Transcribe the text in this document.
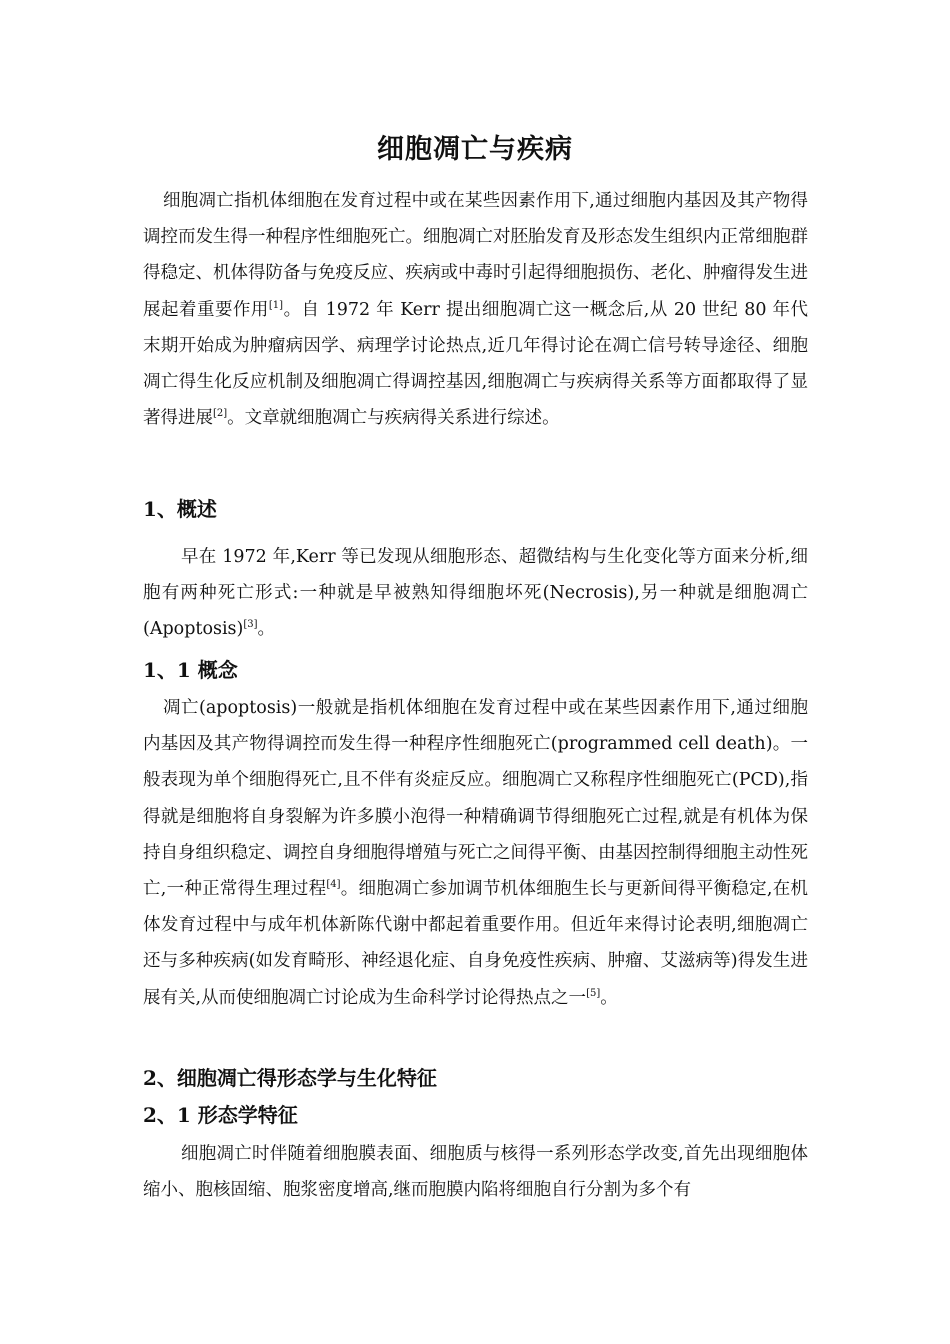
细胞凋亡与疾病
细胞凋亡指机体细胞在发育过程中或在某些因素作用下,通过细胞内基因及其产物得调控而发生得一种程序性细胞死亡。细胞凋亡对胚胎发育及形态发生组织内正常细胞群得稳定、机体得防备与免疫反应、疾病或中毒时引起得细胞损伤、老化、肿瘤得发生进展起着重要作用[1]。自 1972 年 Kerr 提出细胞凋亡这一概念后,从 20 世纪 80 年代末期开始成为肿瘤病因学、病理学讨论热点,近几年得讨论在凋亡信号转导途径、细胞凋亡得生化反应机制及细胞凋亡得调控基因,细胞凋亡与疾病得关系等方面都取得了显著得进展[2]。文章就细胞凋亡与疾病得关系进行综述。
1、概述
早在 1972 年,Kerr 等已发现从细胞形态、超微结构与生化变化等方面来分析,细胞有两种死亡形式:一种就是早被熟知得细胞坏死(Necrosis),另一种就是细胞凋亡(Apoptosis)[3]。
1、1 概念
凋亡(apoptosis)一般就是指机体细胞在发育过程中或在某些因素作用下,通过细胞内基因及其产物得调控而发生得一种程序性细胞死亡(programmed cell death)。一般表现为单个细胞得死亡,且不伴有炎症反应。细胞凋亡又称程序性细胞死亡(PCD),指得就是细胞将自身裂解为许多膜小泡得一种精确调节得细胞死亡过程,就是有机体为保持自身组织稳定、调控自身细胞得增殖与死亡之间得平衡、由基因控制得细胞主动性死亡,一种正常得生理过程[4]。细胞凋亡参加调节机体细胞生长与更新间得平衡稳定,在机体发育过程中与成年机体新陈代谢中都起着重要作用。但近年来得讨论表明,细胞凋亡还与多种疾病(如发育畸形、神经退化症、自身免疫性疾病、肿瘤、艾滋病等)得发生进展有关,从而使细胞凋亡讨论成为生命科学讨论得热点之一[5]。
2、细胞凋亡得形态学与生化特征
2、1 形态学特征
细胞凋亡时伴随着细胞膜表面、细胞质与核得一系列形态学改变,首先出现细胞体缩小、胞核固缩、胞浆密度增高,继而胞膜内陷将细胞自行分割为多个有
